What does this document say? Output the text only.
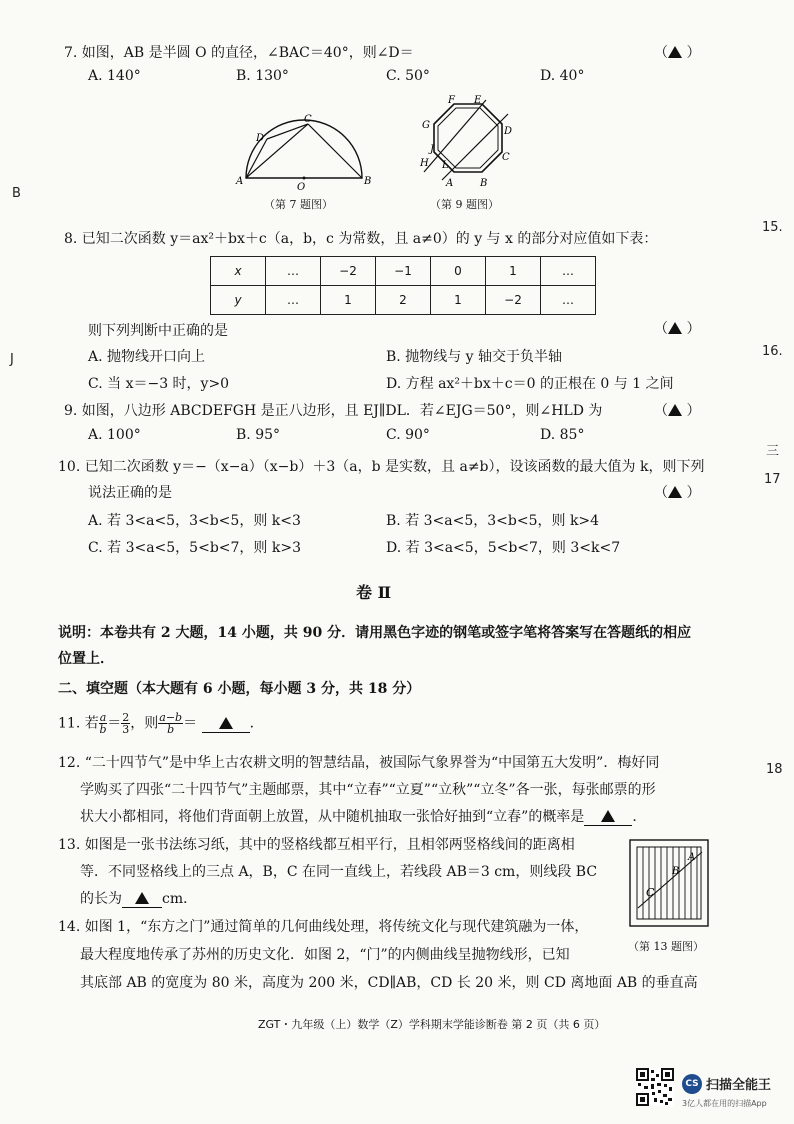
7. 如图，AB 是半圆 O 的直径，∠BAC＝40°，则∠D＝	（ ）
A. 140°	B. 130°	C. 50°	D. 40°
D
C
A
O
B
（第 7 题图）
F E
G
D
J
H L
C
A	B
（第 9 题图）
8. 已知二次函数 y＝ax²＋bx＋c（a，b，c 为常数，且 a≠0）的 y 与 x 的部分对应值如下表：
x	…	−2	−1	0	1	…
y	…	1	2	1	−2	…
则下列判断中正确的是	（ ）
A. 抛物线开口向上	B. 抛物线与 y 轴交于负半轴
C. 当 x＝−3 时，y>0	D. 方程 ax²＋bx＋c＝0 的正根在 0 与 1 之间
9. 如图，八边形 ABCDEFGH 是正八边形，且 EJ∥DL．若∠EJG＝50°，则∠HLD 为	（ ）
A. 100°	B. 95°	C. 90°	D. 85°
10. 已知二次函数 y＝−（x−a）（x−b）＋3（a，b 是实数，且 a≠b），设该函数的最大值为 k，则下列
说法正确的是	（ ）
A. 若 3<a<5，3<b<5，则 k<3	B. 若 3<a<5，3<b<5，则 k>4
C. 若 3<a<5，5<b<7，则 k>3	D. 若 3<a<5，5<b<7，则 3<k<7
卷 Ⅱ
说明：本卷共有 2 大题，14 小题，共 90 分．请用黑色字迹的钢笔或签字笔将答案写在答题纸的相应
位置上．
二、填空题（本大题有 6 小题，每小题 3 分，共 18 分）
11. 若 $\frac{a}{b} = \frac{2}{3}$ ，则 $\frac{a-b}{b}$ ＝	．
12. “二十四节气”是中华上古农耕文明的智慧结晶，被国际气象界誉为“中国第五大发明”．梅好同
学购买了四张“二十四节气”主题邮票，其中“立春”“立夏”“立秋”“立冬”各一张，每张邮票的形
状大小都相同，将他们背面朝上放置，从中随机抽取一张恰好抽到“立春”的概率是	．
13. 如图是一张书法练习纸，其中的竖格线都互相平行，且相邻两竖格线间的距离相
等．不同竖格线上的三点 A，B，C 在同一直线上，若线段 AB＝3 cm，则线段 BC
的长为	cm．	C
B
A
（第 13 题图）
14. 如图 1，“东方之门”通过简单的几何曲线处理，将传统文化与现代建筑融为一体，
最大程度地传承了苏州的历史文化．如图 2，“门”的内侧曲线呈抛物线形，已知
其底部 AB 的宽度为 80 米，高度为 200 米，CD∥AB，CD 长 20 米，则 CD 离地面 AB 的垂直高
ZGT・九年级（上）数学（Z）学科期末学能诊断卷 第 2 页（共 6 页）
B
J
15.
16.
三
17
18
CS 扫描全能王
3亿人都在用的扫描App
